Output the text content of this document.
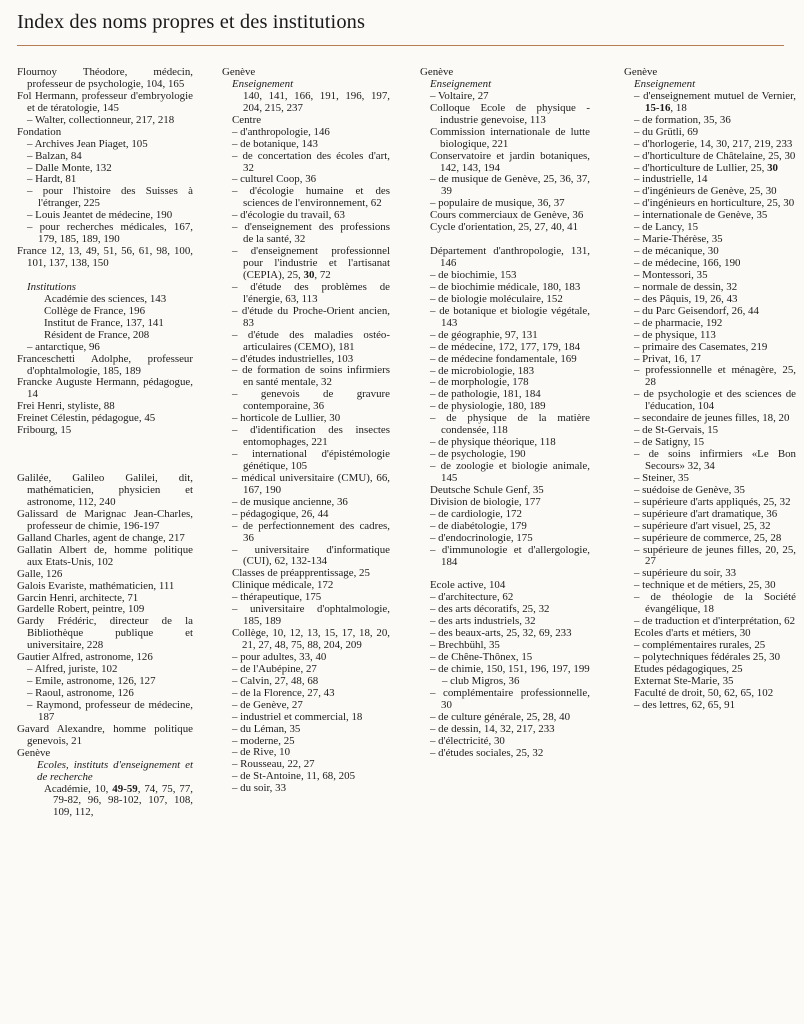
Index des noms propres et des institutions

Flournoy Théodore, médecin, professeur de psychologie, 104, 165

Fol Hermann, professeur d'embryologie et de tératologie, 145

– Walter, collectionneur, 217, 218

Fondation

– Archives Jean Piaget, 105

– Balzan, 84

– Dalle Monte, 132

– Hardt, 81

– pour l'histoire des Suisses à l'étranger, 225

– Louis Jeantet de médecine, 190

– pour recherches médicales, 167, 179, 185, 189, 190

France 12, 13, 49, 51, 56, 61, 98, 100, 101, 137, 138, 150

Institutions

Académie des sciences, 143

Collège de France, 196

Institut de France, 137, 141

Résident de France, 208

– antarctique, 96

Franceschetti Adolphe, professeur d'ophtalmologie, 185, 189

Francke Auguste Hermann, pédagogue, 14

Frei Henri, styliste, 88

Freinet Célestin, pédagogue, 45

Fribourg, 15

Galilée, Galileo Galilei, dit, mathématicien, physicien et astronome, 112, 240

Galissard de Marignac Jean-Charles, professeur de chimie, 196-197

Galland Charles, agent de change, 217

Gallatin Albert de, homme politique aux Etats-Unis, 102

Galle, 126

Galois Evariste, mathématicien, 111

Garcin Henri, architecte, 71

Gardelle Robert, peintre, 109

Gardy Frédéric, directeur de la Bibliothèque publique et universitaire, 228

Gautier Alfred, astronome, 126

– Alfred, juriste, 102

– Emile, astronome, 126, 127

– Raoul, astronome, 126

– Raymond, professeur de médecine, 187

Gavard Alexandre, homme politique genevois, 21

Genève

Ecoles, instituts d'enseignement et de recherche

Académie, 10, 49-59, 74, 75, 77, 79-82, 96, 98-102, 107, 108, 109, 112,

Genève

Enseignement

140, 141, 166, 191, 196, 197, 204, 215, 237

Centre

– d'anthropologie, 146

– de botanique, 143

– de concertation des écoles d'art, 32

– culturel Coop, 36

– d'écologie humaine et des sciences de l'environnement, 62

– d'écologie du travail, 63

– d'enseignement des professions de la santé, 32

– d'enseignement professionnel pour l'industrie et l'artisanat (CEPIA), 25, 30, 72

– d'étude des problèmes de l'énergie, 63, 113

– d'étude du Proche-Orient ancien, 83

– d'étude des maladies ostéo-articulaires (CEMO), 181

– d'études industrielles, 103

– de formation de soins infirmiers en santé mentale, 32

– genevois de gravure contemporaine, 36

– horticole de Lullier, 30

– d'identification des insectes entomophages, 221

– international d'épistémologie génétique, 105

– médical universitaire (CMU), 66, 167, 190

– de musique ancienne, 36

– pédagogique, 26, 44

– de perfectionnement des cadres, 36

– universitaire d'informatique (CUI), 62, 132-134

Classes de préapprentissage, 25

Clinique médicale, 172

– thérapeutique, 175

– universitaire d'ophtalmologie, 185, 189

Collège, 10, 12, 13, 15, 17, 18, 20, 21, 27, 48, 75, 88, 204, 209

– pour adultes, 33, 40

– de l'Aubépine, 27

– Calvin, 27, 48, 68

– de la Florence, 27, 43

– de Genève, 27

– industriel et commercial, 18

– du Léman, 35

– moderne, 25

– de Rive, 10

– Rousseau, 22, 27

– de St-Antoine, 11, 68, 205

– du soir, 33

Genève

Enseignement

– Voltaire, 27

Colloque Ecole de physique - industrie genevoise, 113

Commission internationale de lutte biologique, 221

Conservatoire et jardin botaniques, 142, 143, 194

– de musique de Genève, 25, 36, 37, 39

– populaire de musique, 36, 37

Cours commerciaux de Genève, 36

Cycle d'orientation, 25, 27, 40, 41

Département d'anthropologie, 131, 146

– de biochimie, 153

– de biochimie médicale, 180, 183

– de biologie moléculaire, 152

– de botanique et biologie végétale, 143

– de géographie, 97, 131

– de médecine, 172, 177, 179, 184

– de médecine fondamentale, 169

– de microbiologie, 183

– de morphologie, 178

– de pathologie, 181, 184

– de physiologie, 180, 189

– de physique de la matière condensée, 118

– de physique théorique, 118

– de psychologie, 190

– de zoologie et biologie animale, 145

Deutsche Schule Genf, 35

Division de biologie, 177

– de cardiologie, 172

– de diabétologie, 179

– d'endocrinologie, 175

– d'immunologie et d'allergologie, 184

Ecole active, 104

– d'architecture, 62

– des arts décoratifs, 25, 32

– des arts industriels, 32

– des beaux-arts, 25, 32, 69, 233

– Brechbühl, 35

– de Chêne-Thônex, 15

– de chimie, 150, 151, 196, 197, 199

– club Migros, 36

– complémentaire professionnelle, 30

– de culture générale, 25, 28, 40

– de dessin, 14, 32, 217, 233

– d'électricité, 30

– d'études sociales, 25, 32

Genève

Enseignement

– d'enseignement mutuel de Vernier, 15-16, 18

– de formation, 35, 36

– du Grütli, 69

– d'horlogerie, 14, 30, 217, 219, 233

– d'horticulture de Châtelaine, 25, 30

– d'horticulture de Lullier, 25, 30

– industrielle, 14

– d'ingénieurs de Genève, 25, 30

– d'ingénieurs en horticulture, 25, 30

– internationale de Genève, 35

– de Lancy, 15

– Marie-Thérèse, 35

– de mécanique, 30

– de médecine, 166, 190

– Montessori, 35

– normale de dessin, 32

– des Pâquis, 19, 26, 43

– du Parc Geisendorf, 26, 44

– de pharmacie, 192

– de physique, 113

– primaire des Casemates, 219

– Privat, 16, 17

– professionnelle et ménagère, 25, 28

– de psychologie et des sciences de l'éducation, 104

– secondaire de jeunes filles, 18, 20

– de St-Gervais, 15

– de Satigny, 15

– de soins infirmiers «Le Bon Secours» 32, 34

– Steiner, 35

– suédoise de Genève, 35

– supérieure d'arts appliqués, 25, 32

– supérieure d'art dramatique, 36

– supérieure d'art visuel, 25, 32

– supérieure de commerce, 25, 28

– supérieure de jeunes filles, 20, 25, 27

– supérieure du soir, 33

– technique et de métiers, 25, 30

– de théologie de la Société évangélique, 18

– de traduction et d'interprétation, 62

Ecoles d'arts et métiers, 30

– complémentaires rurales, 25

– polytechniques fédérales 25, 30

Etudes pédagogiques, 25

Externat Ste-Marie, 35

Faculté de droit, 50, 62, 65, 102

– des lettres, 62, 65, 91
